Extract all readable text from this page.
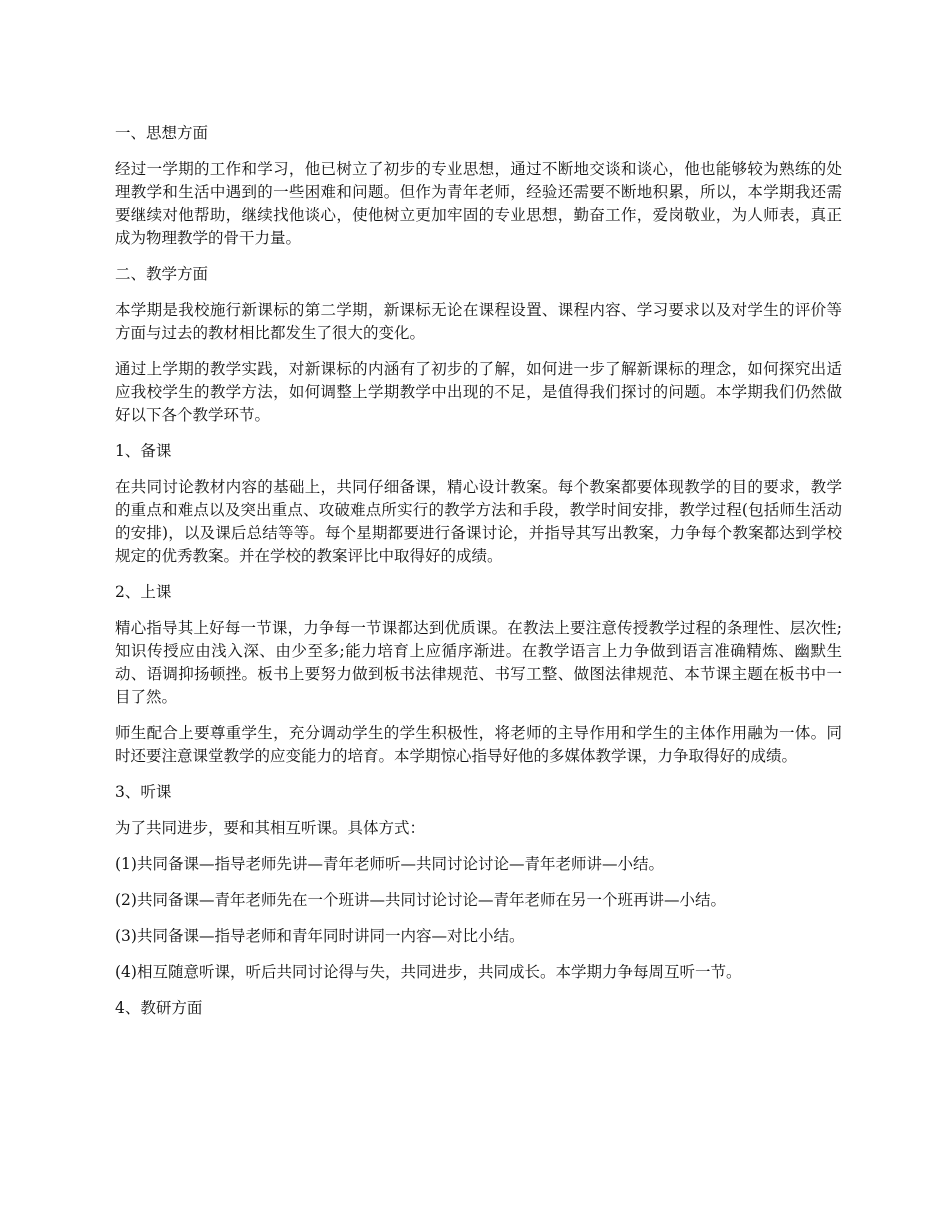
一、思想方面

经过一学期的工作和学习，他已树立了初步的专业思想，通过不断地交谈和谈心，他也能够较为熟练的处理教学和生活中遇到的一些困难和问题。但作为青年老师，经验还需要不断地积累，所以，本学期我还需要继续对他帮助，继续找他谈心，使他树立更加牢固的专业思想，勤奋工作，爱岗敬业，为人师表，真正成为物理教学的骨干力量。

二、教学方面

本学期是我校施行新课标的第二学期，新课标无论在课程设置、课程内容、学习要求以及对学生的评价等方面与过去的教材相比都发生了很大的变化。

通过上学期的教学实践，对新课标的内涵有了初步的了解，如何进一步了解新课标的理念，如何探究出适应我校学生的教学方法，如何调整上学期教学中出现的不足，是值得我们探讨的问题。本学期我们仍然做好以下各个教学环节。

1、备课

在共同讨论教材内容的基础上，共同仔细备课，精心设计教案。每个教案都要体现教学的目的要求，教学的重点和难点以及突出重点、攻破难点所实行的教学方法和手段，教学时间安排，教学过程(包括师生活动的安排)，以及课后总结等等。每个星期都要进行备课讨论，并指导其写出教案，力争每个教案都达到学校规定的优秀教案。并在学校的教案评比中取得好的成绩。

2、上课

精心指导其上好每一节课，力争每一节课都达到优质课。在教法上要注意传授教学过程的条理性、层次性;知识传授应由浅入深、由少至多;能力培育上应循序渐进。在教学语言上力争做到语言准确精炼、幽默生动、语调抑扬顿挫。板书上要努力做到板书法律规范、书写工整、做图法律规范、本节课主题在板书中一目了然。

师生配合上要尊重学生，充分调动学生的学生积极性，将老师的主导作用和学生的主体作用融为一体。同时还要注意课堂教学的应变能力的培育。本学期惊心指导好他的多媒体教学课，力争取得好的成绩。

3、听课

为了共同进步，要和其相互听课。具体方式：

(1)共同备课—指导老师先讲—青年老师听—共同讨论讨论—青年老师讲—小结。

(2)共同备课—青年老师先在一个班讲—共同讨论讨论—青年老师在另一个班再讲—小结。

(3)共同备课—指导老师和青年同时讲同一内容—对比小结。

(4)相互随意听课，听后共同讨论得与失，共同进步，共同成长。本学期力争每周互听一节。

4、教研方面
